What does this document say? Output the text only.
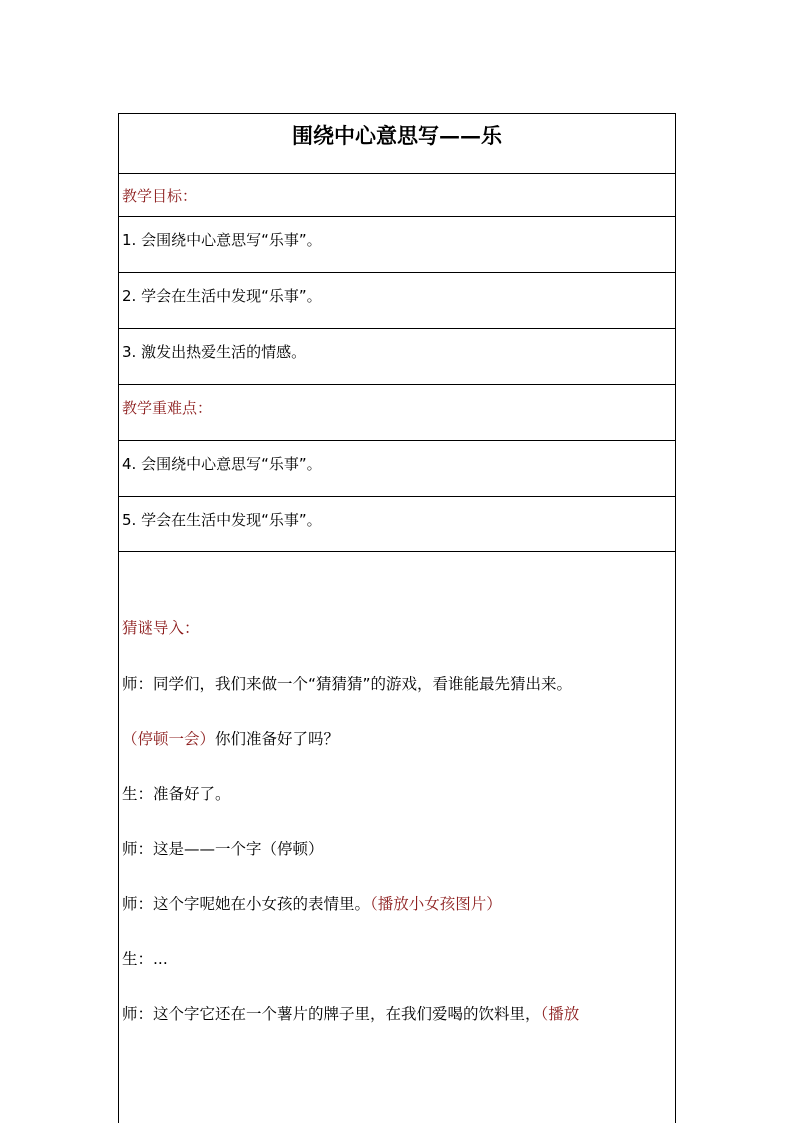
围绕中心意思写——乐
教学目标：
1. 会围绕中心意思写“乐事”。
2. 学会在生活中发现“乐事”。
3. 激发出热爱生活的情感。
教学重难点：
4. 会围绕中心意思写“乐事”。
5. 学会在生活中发现“乐事”。
猜谜导入：
师：同学们，我们来做一个“猜猜猜”的游戏，看谁能最先猜出来。
（停顿一会）你们准备好了吗？
生：准备好了。
师：这是——一个字（停顿）
师：这个字呢她在小女孩的表情里。（播放小女孩图片）
生：...
师：这个字它还在一个薯片的牌子里，在我们爱喝的饮料里，（播放
